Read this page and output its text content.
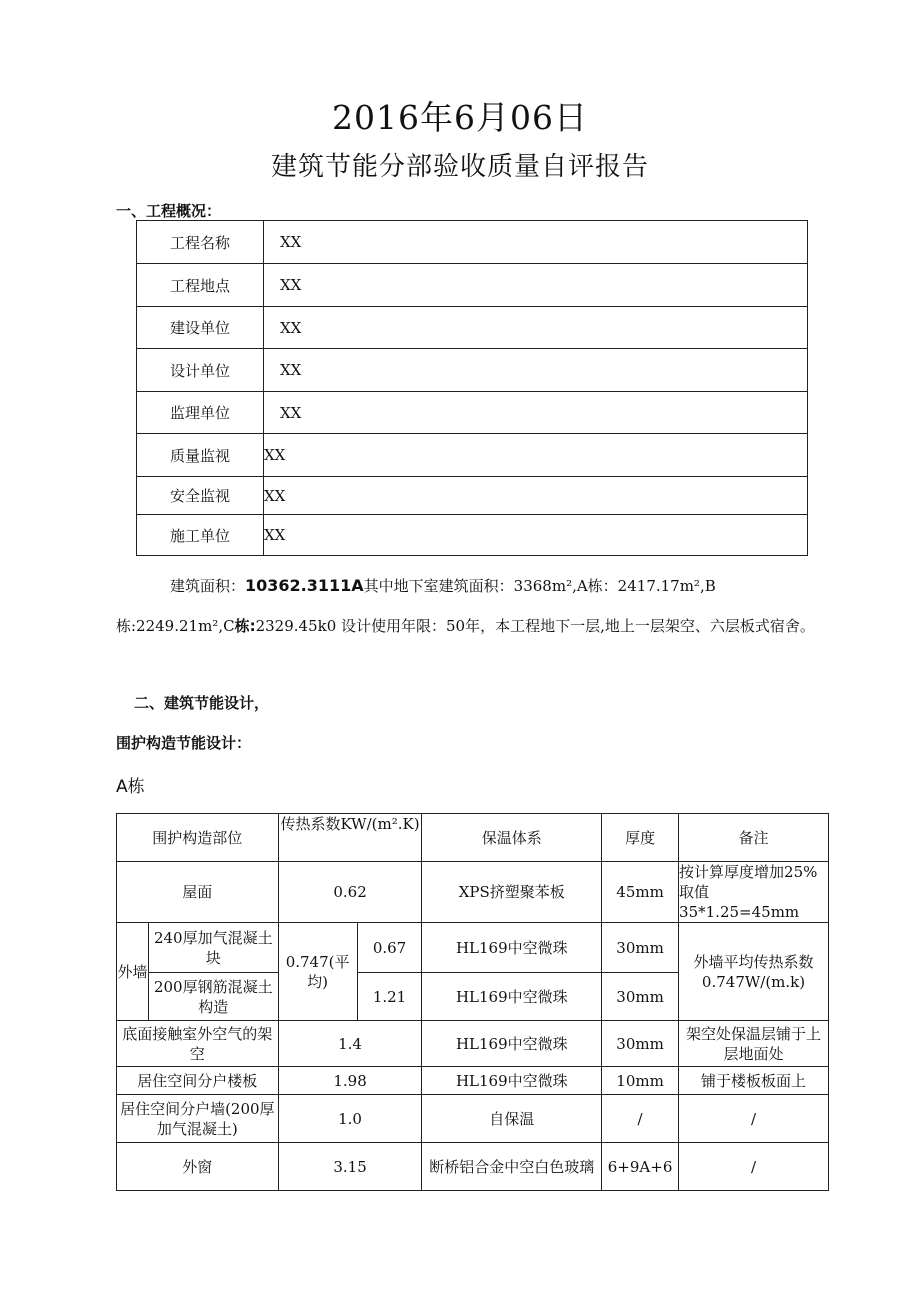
2016年6月06日
建筑节能分部验收质量自评报告
一、工程概况：
工程名称	XX
工程地点	XX
建设单位	XX
设计单位	XX
监理单位	XX
质量监视	XX
安全监视	XX
施工单位	XX
建筑面积：10362.3111A其中地下室建筑面积：3368m²,A栋：2417.17m²,B栋:2249.21m²,C栋:2329.45k0 设计使用年限：50年，本工程地下一层,地上一层架空、六层板式宿舍。
二、建筑节能设计，
围护构造节能设计：
A栋
围护构造部位		传热系数KW/(m².K)		保温体系	厚度	备注
屋面		0.62		XPS挤塑聚苯板	45mm	按计算厚度增加25%取值35*1.25=45mm
外墙	240厚加气混凝土块	0.747(平均)	0.67	HL169中空微珠	30mm	外墙平均传热系数0.747W/(m.k)
	200厚钢筋混凝土构造		1.21	HL169中空微珠	30mm	
底面接触室外空气的架空		1.4		HL169中空微珠	30mm	架空处保温层铺于上层地面处
居住空间分户楼板		1.98		HL169中空微珠	10mm	铺于楼板板面上
居住空间分户墙(200厚加气混凝土)		1.0		自保温	/	/
外窗		3.15		断桥铝合金中空白色玻璃	6+9A+6	/
